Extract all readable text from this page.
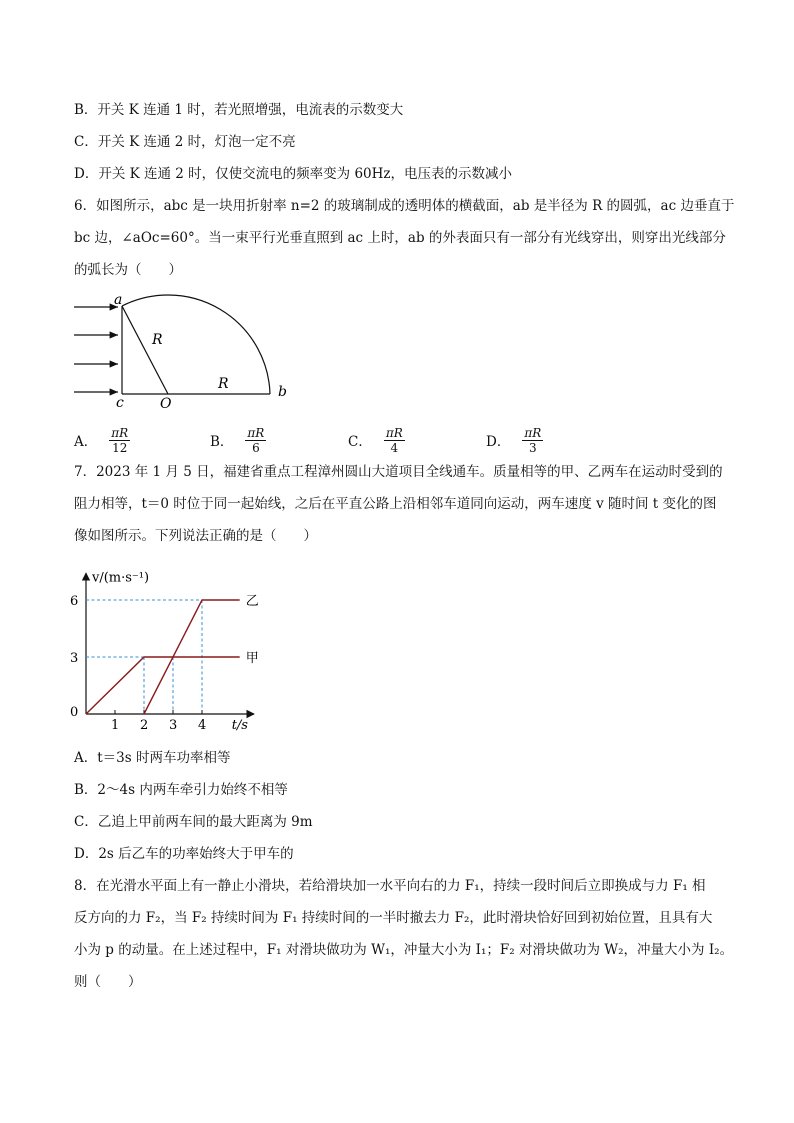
B．开关 K 连通 1 时，若光照增强，电流表的示数变大
C．开关 K 连通 2 时，灯泡一定不亮
D．开关 K 连通 2 时，仅使交流电的频率变为 60Hz，电压表的示数减小
6．如图所示，abc 是一块用折射率 n=2 的玻璃制成的透明体的横截面，ab 是半径为 R 的圆弧，ac 边垂直于
bc 边，∠aOc=60°。当一束平行光垂直照到 ac 上时，ab 的外表面只有一部分有光线穿出，则穿出光线部分
的弧长为（　　）
a
b
c	O
R
R
A． $\frac{\pi R}{12}$	B． $\frac{\pi R}{6}$	C． $\frac{\pi R}{4}$	D． $\frac{\pi R}{3}$
7．2023 年 1 月 5 日，福建省重点工程漳州圆山大道项目全线通车。质量相等的甲、乙两车在运动时受到的
阻力相等，t＝0 时位于同一起始线，之后在平直公路上沿相邻车道同向运动，两车速度 v 随时间 t 变化的图
像如图所示。下列说法正确的是（　　）
1 2 3 4
3
6
甲
乙
v/(m·s⁻¹)
t/s
0
A．t＝3s 时两车功率相等
B．2～4s 内两车牵引力始终不相等
C．乙追上甲前两车间的最大距离为 9m
D．2s 后乙车的功率始终大于甲车的
8．在光滑水平面上有一静止小滑块，若给滑块加一水平向右的力 F₁，持续一段时间后立即换成与力 F₁ 相
反方向的力 F₂，当 F₂ 持续时间为 F₁ 持续时间的一半时撤去力 F₂，此时滑块恰好回到初始位置，且具有大
小为 p 的动量。在上述过程中，F₁ 对滑块做功为 W₁，冲量大小为 I₁；F₂ 对滑块做功为 W₂，冲量大小为 I₂。
则（　　）
